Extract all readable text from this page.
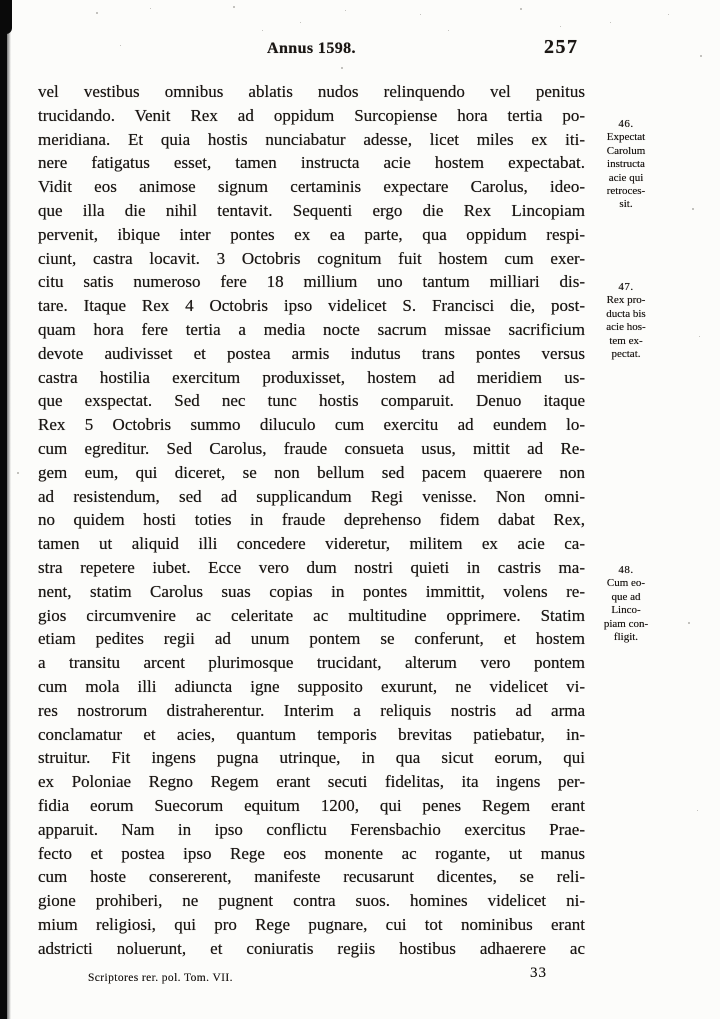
Annus 1598.	257
vel vestibus omnibus ablatis nudos relinquendo vel penitus
trucidando. Venit Rex ad oppidum Surcopiense hora tertia po-
meridiana. Et quia hostis nunciabatur adesse, licet miles ex iti-
nere fatigatus esset, tamen instructa acie hostem expectabat.
Vidit eos animose signum certaminis expectare Carolus, ideo-
que illa die nihil tentavit. Sequenti ergo die Rex Lincopiam
pervenit, ibique inter pontes ex ea parte, qua oppidum respi-
ciunt, castra locavit. 3 Octobris cognitum fuit hostem cum exer-
citu satis numeroso fere 18 millium uno tantum milliari dis-
tare. Itaque Rex 4 Octobris ipso videlicet S. Francisci die, post-
quam hora fere tertia a media nocte sacrum missae sacrificium
devote audivisset et postea armis indutus trans pontes versus
castra hostilia exercitum produxisset, hostem ad meridiem us-
que exspectat. Sed nec tunc hostis comparuit. Denuo itaque
Rex 5 Octobris summo diluculo cum exercitu ad eundem lo-
cum egreditur. Sed Carolus, fraude consueta usus, mittit ad Re-
gem eum, qui diceret, se non bellum sed pacem quaerere non
ad resistendum, sed ad supplicandum Regi venisse. Non omni-
no quidem hosti toties in fraude deprehenso fidem dabat Rex,
tamen ut aliquid illi concedere videretur, militem ex acie ca-
stra repetere iubet. Ecce vero dum nostri quieti in castris ma-
nent, statim Carolus suas copias in pontes immittit, volens re-
gios circumvenire ac celeritate ac multitudine opprimere. Statim
etiam pedites regii ad unum pontem se conferunt, et hostem
a transitu arcent plurimosque trucidant, alterum vero pontem
cum mola illi adiuncta igne supposito exurunt, ne videlicet vi-
res nostrorum distraherentur. Interim a reliquis nostris ad arma
conclamatur et acies, quantum temporis brevitas patiebatur, in-
struitur. Fit ingens pugna utrinque, in qua sicut eorum, qui
ex Poloniae Regno Regem erant secuti fidelitas, ita ingens per-
fidia eorum Suecorum equitum 1200, qui penes Regem erant
apparuit. Nam in ipso conflictu Ferensbachio exercitus Prae-
fecto et postea ipso Rege eos monente ac rogante, ut manus
cum hoste consererent, manifeste recusarunt dicentes, se reli-
gione prohiberi, ne pugnent contra suos. homines videlicet ni-
mium religiosi, qui pro Rege pugnare, cui tot nominibus erant
adstricti noluerunt, et coniuratis regiis hostibus adhaerere ac
46.
Expectat
Carolum
instructa
acie qui
retroces-
sit.
47.
Rex pro-
ducta bis
acie hos-
tem ex-
pectat.
48.
Cum eo-
que ad
Linco-
piam con-
fligit.
Scriptores rer. pol. Tom. VII.	33
